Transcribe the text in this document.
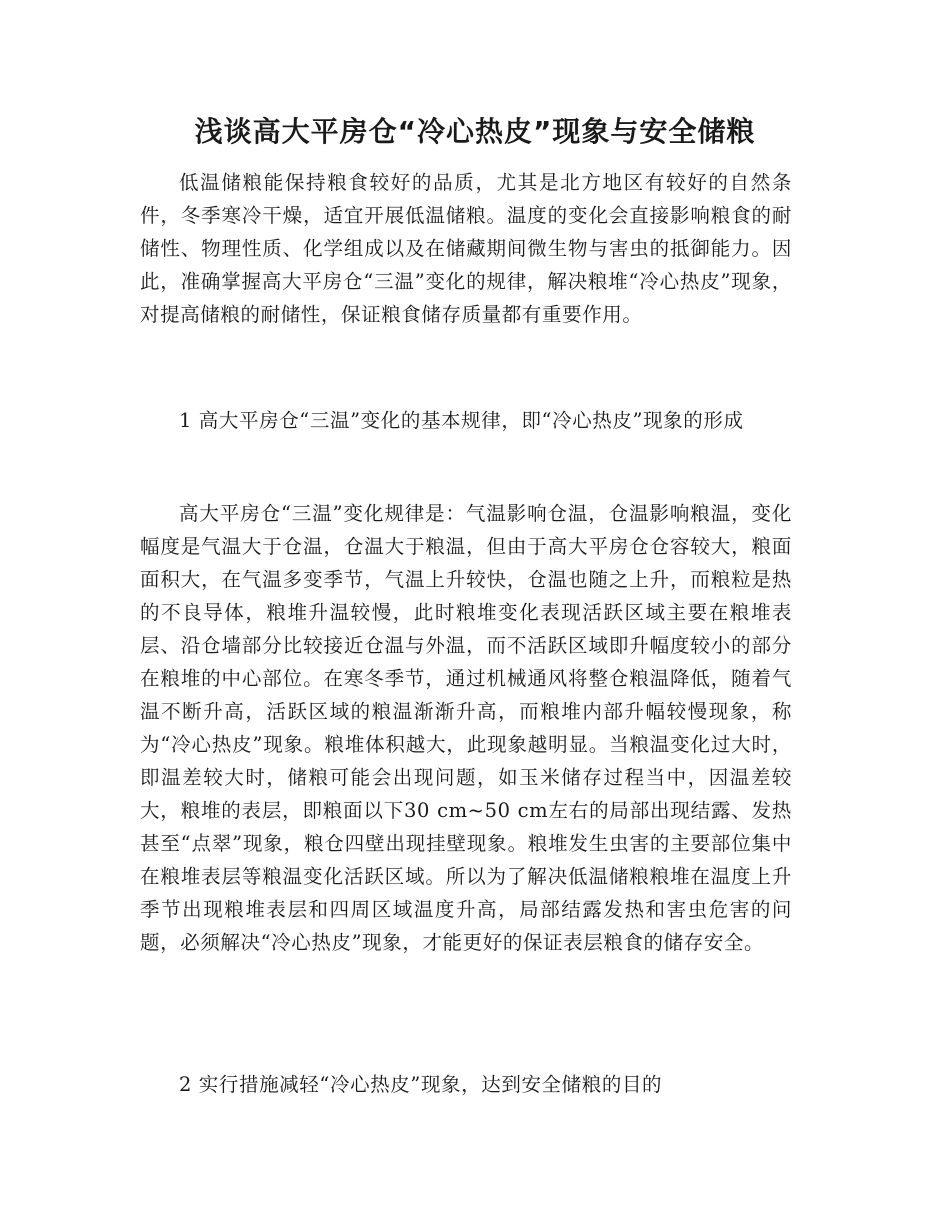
浅谈高大平房仓“冷心热皮”现象与安全储粮

低温储粮能保持粮食较好的品质，尤其是北方地区有较好的自然条件，冬季寒冷干燥，适宜开展低温储粮。温度的变化会直接影响粮食的耐储性、物理性质、化学组成以及在储藏期间微生物与害虫的抵御能力。因此，准确掌握高大平房仓“三温”变化的规律，解决粮堆“冷心热皮”现象，对提高储粮的耐储性，保证粮食储存质量都有重要作用。

1 高大平房仓“三温”变化的基本规律，即“冷心热皮”现象的形成

高大平房仓“三温”变化规律是：气温影响仓温，仓温影响粮温，变化幅度是气温大于仓温，仓温大于粮温，但由于高大平房仓仓容较大，粮面面积大，在气温多变季节，气温上升较快，仓温也随之上升，而粮粒是热的不良导体，粮堆升温较慢，此时粮堆变化表现活跃区域主要在粮堆表层、沿仓墙部分比较接近仓温与外温，而不活跃区域即升幅度较小的部分在粮堆的中心部位。在寒冬季节，通过机械通风将整仓粮温降低，随着气温不断升高，活跃区域的粮温渐渐升高，而粮堆内部升幅较慢现象，称为“冷心热皮”现象。粮堆体积越大，此现象越明显。当粮温变化过大时，即温差较大时，储粮可能会出现问题，如玉米储存过程当中，因温差较大，粮堆的表层，即粮面以下30 cm~50 cm左右的局部出现结露、发热甚至“点翠”现象，粮仓四壁出现挂壁现象。粮堆发生虫害的主要部位集中在粮堆表层等粮温变化活跃区域。所以为了解决低温储粮粮堆在温度上升季节出现粮堆表层和四周区域温度升高，局部结露发热和害虫危害的问题，必须解决“冷心热皮”现象，才能更好的保证表层粮食的储存安全。

2 实行措施减轻“冷心热皮”现象，达到安全储粮的目的
